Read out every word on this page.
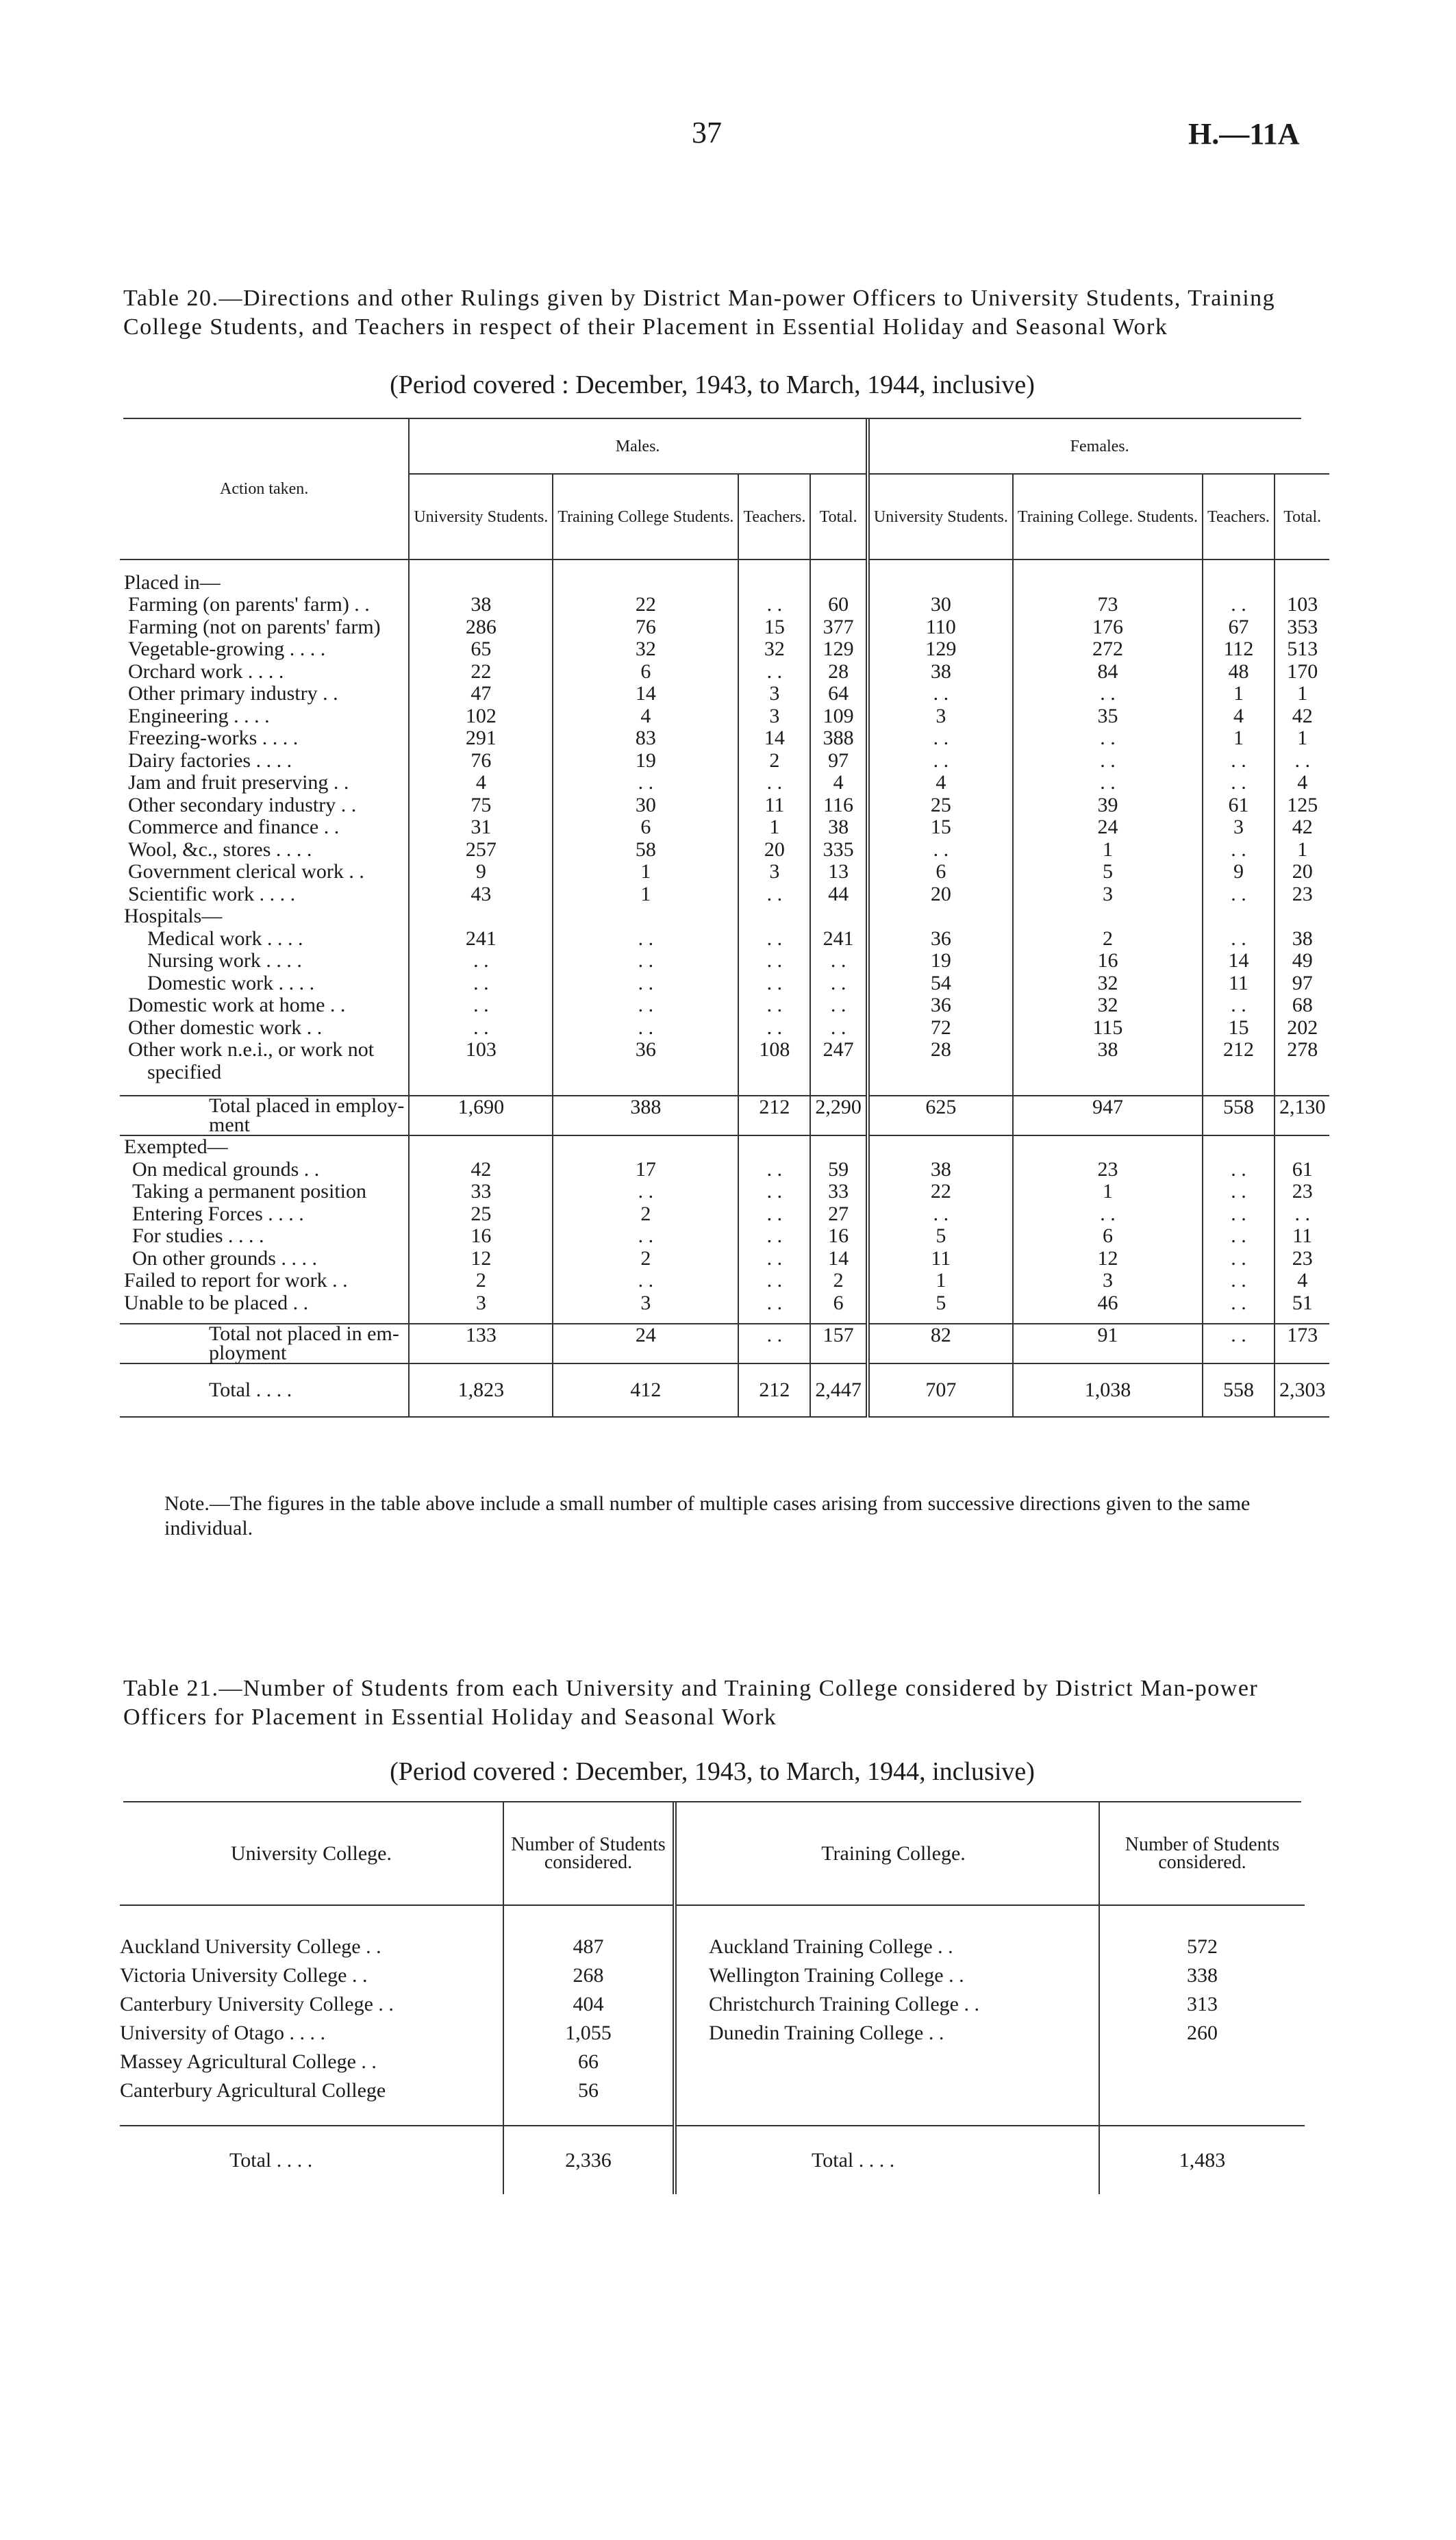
37	H.—11A
Table 20.—Directions and other Rulings given by District Man-power Officers to University Students, Training College Students, and Teachers in respect of their Placement in Essential Holiday and Seasonal Work
(Period covered : December, 1943, to March, 1944, inclusive)
Action taken.	Males.				Females.			
	University Students.	Training College Students.	Teachers.	Total.	University Students.	Training College. Students.	Teachers.	Total.
Placed in—								
Farming (on parents' farm) . .	38	22	. .	60	30	73	. .	103
Farming (not on parents' farm)	286	76	15	377	110	176	67	353
Vegetable-growing . . . .	65	32	32	129	129	272	112	513
Orchard work . . . .	22	6	. .	28	38	84	48	170
Other primary industry . .	47	14	3	64	. .	. .	1	1
Engineering . . . .	102	4	3	109	3	35	4	42
Freezing-works . . . .	291	83	14	388	. .	. .	1	1
Dairy factories . . . .	76	19	2	97	. .	. .	. .	. .
Jam and fruit preserving . .	4	. .	. .	4	4	. .	. .	4
Other secondary industry . .	75	30	11	116	25	39	61	125
Commerce and finance . .	31	6	1	38	15	24	3	42
Wool, &c., stores . . . .	257	58	20	335	. .	1	. .	1
Government clerical work . .	9	1	3	13	6	5	9	20
Scientific work . . . .	43	1	. .	44	20	3	. .	23
Hospitals—								
Medical work . . . .	241	. .	. .	241	36	2	. .	38
Nursing work . . . .	. .	. .	. .	. .	19	16	14	49
Domestic work . . . .	. .	. .	. .	. .	54	32	11	97
Domestic work at home . .	. .	. .	. .	. .	36	32	. .	68
Other domestic work . .	. .	. .	. .	. .	72	115	15	202
Other work n.e.i., or work not	103	36	108	247	28	38	212	278
specified								

Total placed in employ-
ment	1,690	388	212	2,290	625	947	558	2,130
Exempted—								
On medical grounds . .	42	17	. .	59	38	23	. .	61
Taking a permanent position	33	. .	. .	33	22	1	. .	23
Entering Forces . . . .	25	2	. .	27	. .	. .	. .	. .
For studies . . . .	16	. .	. .	16	5	6	. .	11
On other grounds . . . .	12	2	. .	14	11	12	. .	23
Failed to report for work . .	2	. .	. .	2	1	3	. .	4
Unable to be placed . .	3	3	. .	6	5	46	. .	51

Total not placed in em-
ployment	133	24	. .	157	82	91	. .	173
Total . . . .	1,823	412	212	2,447	707	1,038	558	2,303
Note.—The figures in the table above include a small number of multiple cases arising from successive directions given to the same individual.
Table 21.—Number of Students from each University and Training College considered by District Man-power Officers for Placement in Essential Holiday and Seasonal Work
(Period covered : December, 1943, to March, 1944, inclusive)
University College.	Number of Students considered.		Training College.	Number of Students considered.

Auckland University College . .	487		Auckland Training College . .	572
Victoria University College . .	268		Wellington Training College . .	338
Canterbury University College . .	404		Christchurch Training College . .	313
University of Otago . . . .	1,055		Dunedin Training College . .	260
Massey Agricultural College . .	66			
Canterbury Agricultural College	56			

Total . . . .	2,336		Total . . . .	1,483
